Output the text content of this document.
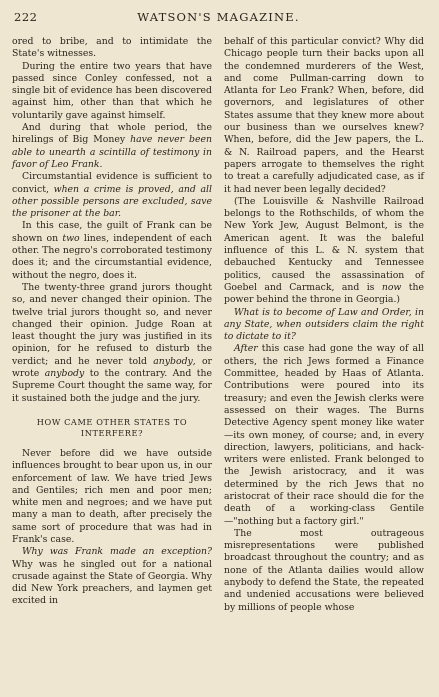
222	WATSON'S MAGAZINE.

ored to bribe, and to intimidate the State's witnesses.

During the entire two years that have passed since Conley confessed, not a single bit of evidence has been discovered against him, other than that which he voluntarily gave against himself.

And during that whole period, the hirelings of Big Money have never been able to unearth a scintilla of testimony in favor of Leo Frank.

Circumstantial evidence is sufficient to convict, when a crime is proved, and all other possible persons are excluded, save the prisoner at the bar.

In this case, the guilt of Frank can be shown on two lines, independent of each other. The negro's corroborated testimony does it; and the circumstantial evidence, without the negro, does it.

The twenty-three grand jurors thought so, and never changed their opinion. The twelve trial jurors thought so, and never changed their opinion. Judge Roan at least thought the jury was justified in its opinion, for he refused to disturb the verdict; and he never told anybody, or wrote anybody to the contrary. And the Supreme Court thought the same way, for it sustained both the judge and the jury.

HOW CAME OTHER STATES TO
INTERFERE?

Never before did we have outside influences brought to bear upon us, in our enforcement of law. We have tried Jews and Gentiles; rich men and poor men; white men and negroes; and we have put many a man to death, after precisely the same sort of procedure that was had in Frank's case.

Why was Frank made an exception? Why was he singled out for a national crusade against the State of Georgia. Why did New York preachers, and laymen get excited in

behalf of this particular convict? Why did Chicago people turn their backs upon all the condemned murderers of the West, and come Pullman-carring down to Atlanta for Leo Frank? When, before, did governors, and legislatures of other States assume that they knew more about our business than we ourselves knew? When, before, did the Jew papers, the L. & N. Railroad papers, and the Hearst papers arrogate to themselves the right to treat a carefully adjudicated case, as if it had never been legally decided?

(The Louisville & Nashville Railroad belongs to the Rothschilds, of whom the New York Jew, August Belmont, is the American agent. It was the baleful influence of this L. & N. system that debauched Kentucky and Tennessee politics, caused the assassination of Goebel and Carmack, and is now the power behind the throne in Georgia.)

What is to become of Law and Order, in any State, when outsiders claim the right to dictate to it?

After this case had gone the way of all others, the rich Jews formed a Finance Committee, headed by Haas of Atlanta. Contributions were poured into its treasury; and even the Jewish clerks were assessed on their wages. The Burns Detective Agency spent money like water—its own money, of course; and, in every direction, lawyers, politicians, and hack-writers were enlisted. Frank belonged to the Jewish aristocracy, and it was determined by the rich Jews that no aristocrat of their race should die for the death of a working-class Gentile—"nothing but a factory girl."

The most outrageous misrepresentations were published broadcast throughout the country; and as none of the Atlanta dailies would allow anybody to defend the State, the repeated and undenied accusations were believed by millions of people whose
